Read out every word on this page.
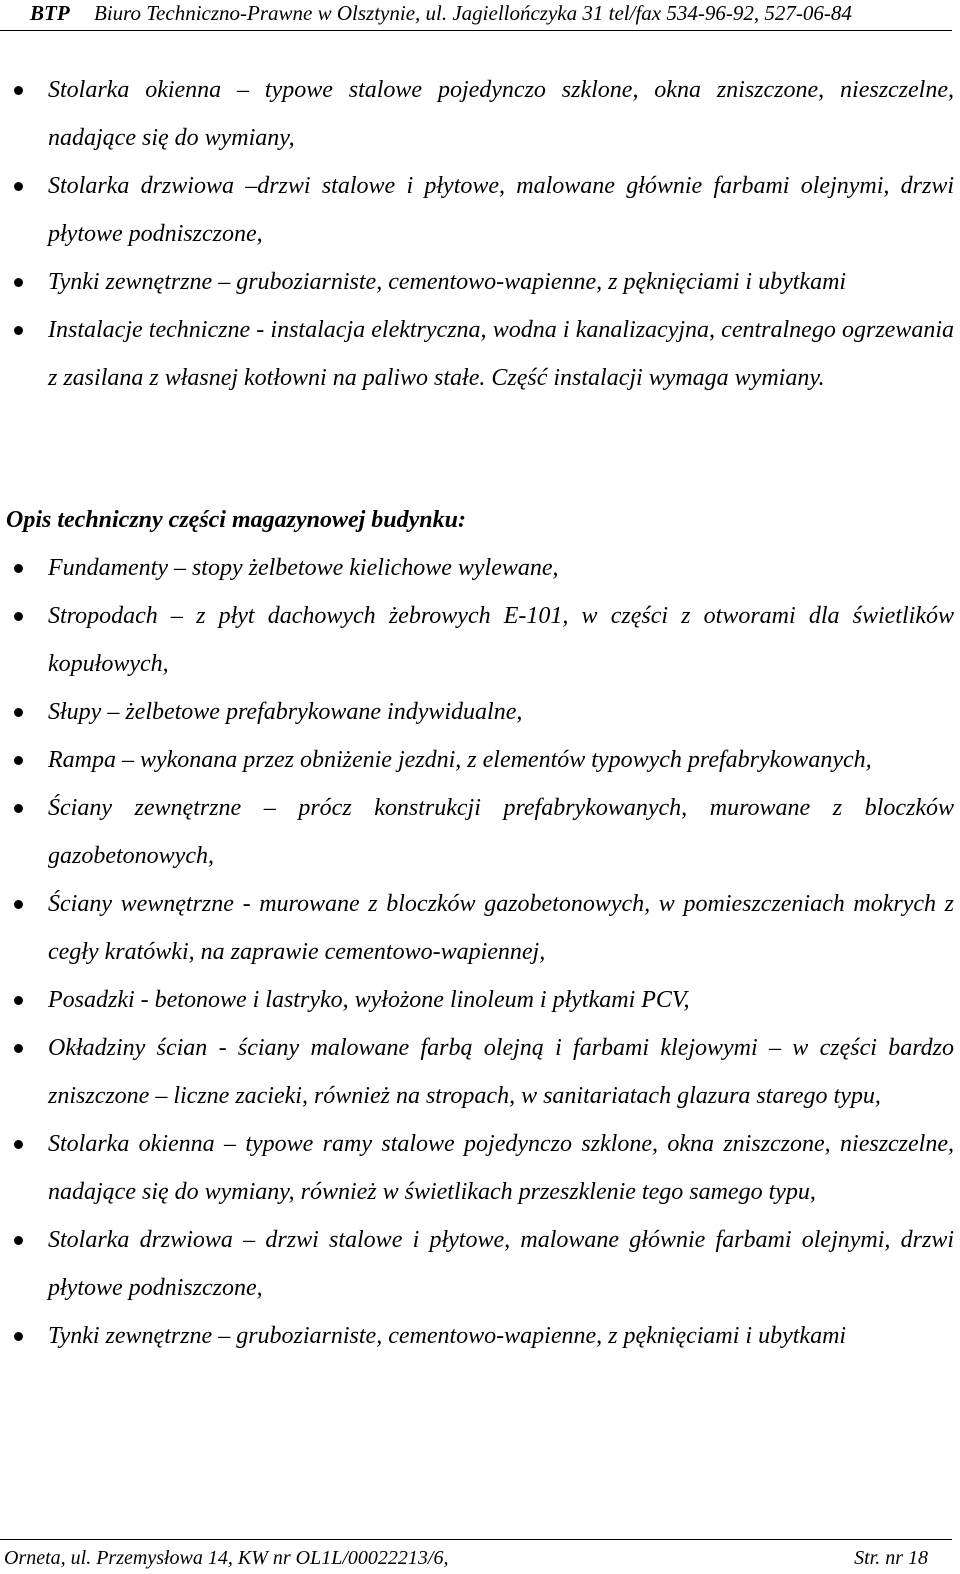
BTP Biuro Techniczno-Prawne w Olsztynie, ul. Jagiellończyka 31 tel/fax 534-96-92, 527-06-84
Stolarka okienna – typowe stalowe pojedynczo szklone, okna zniszczone, nieszczelne, nadające się do wymiany,
Stolarka drzwiowa –drzwi stalowe i płytowe, malowane głównie farbami olejnymi, drzwi płytowe podniszczone,
Tynki zewnętrzne – gruboziarniste, cementowo-wapienne, z pęknięciami i ubytkami
Instalacje techniczne - instalacja elektryczna, wodna i kanalizacyjna, centralnego ogrzewania z zasilana z własnej kotłowni na paliwo stałe. Część instalacji wymaga wymiany.
Opis techniczny części magazynowej budynku:
Fundamenty – stopy żelbetowe kielichowe wylewane,
Stropodach – z płyt dachowych żebrowych E-101, w części z otworami dla świetlików kopułowych,
Słupy – żelbetowe prefabrykowane indywidualne,
Rampa – wykonana przez obniżenie jezdni, z elementów typowych prefabrykowanych,
Ściany zewnętrzne – prócz konstrukcji prefabrykowanych, murowane z bloczków gazobetonowych,
Ściany wewnętrzne - murowane z bloczków gazobetonowych, w pomieszczeniach mokrych z cegły kratówki, na zaprawie cementowo-wapiennej,
Posadzki - betonowe i lastryko, wyłożone linoleum i płytkami PCV,
Okładziny ścian - ściany malowane farbą olejną i farbami klejowymi – w części bardzo zniszczone – liczne zacieki, również na stropach, w sanitariatach glazura starego typu,
Stolarka okienna – typowe ramy stalowe pojedynczo szklone, okna zniszczone, nieszczelne, nadające się do wymiany, również w świetlikach przeszklenie tego samego typu,
Stolarka drzwiowa – drzwi stalowe i płytowe, malowane głównie farbami olejnymi, drzwi płytowe podniszczone,
Tynki zewnętrzne – gruboziarniste, cementowo-wapienne, z pęknięciami i ubytkami
Orneta, ul. Przemysłowa 14, KW nr OL1L/00022213/6,	Str. nr 18
